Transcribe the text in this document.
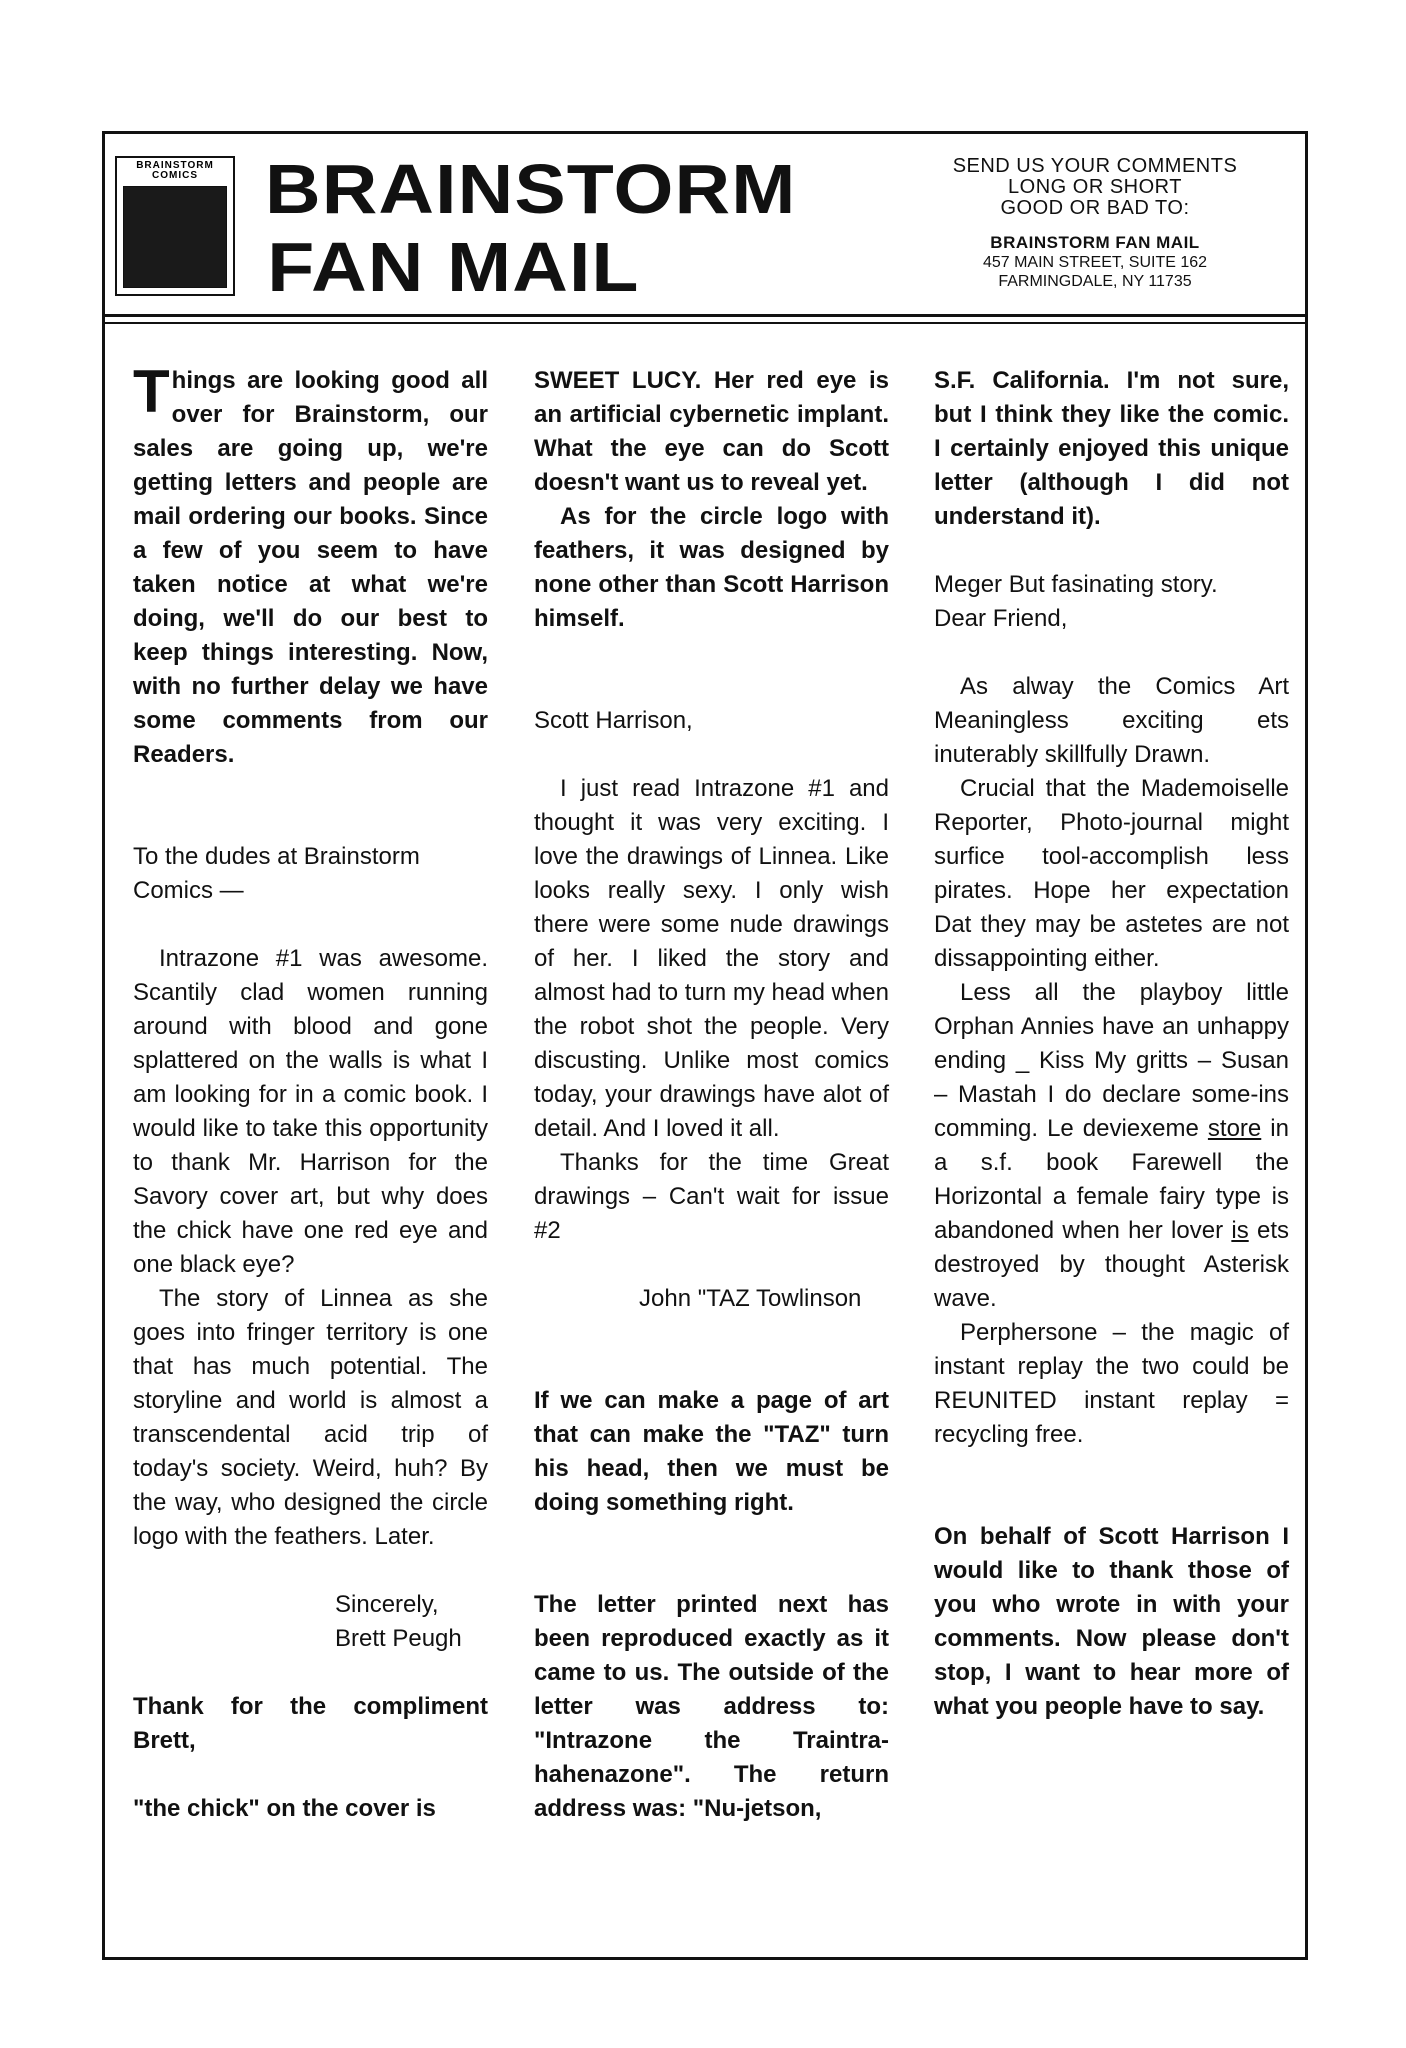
BRAINSTORM COMICS BRAINSTORM
FAN MAIL
SEND US YOUR COMMENTS
LONG OR SHORT
GOOD OR BAD TO:
BRAINSTORM FAN MAIL
457 MAIN STREET, SUITE 162
FARMINGDALE, NY 11735

Things are looking good all over for Brainstorm, our sales are going up, we're getting letters and people are mail ordering our books. Since a few of you seem to have taken notice at what we're doing, we'll do our best to keep things interesting. Now, with no further delay we have some comments from our Readers.

To the dudes at Brainstorm Comics —

Intrazone #1 was awesome. Scantily clad women running around with blood and gone splattered on the walls is what I am looking for in a comic book. I would like to take this opportunity to thank Mr. Harrison for the Savory cover art, but why does the chick have one red eye and one black eye?

The story of Linnea as she goes into fringer territory is one that has much potential. The storyline and world is almost a transcendental acid trip of today's society. Weird, huh? By the way, who designed the circle logo with the feathers. Later.

Sincerely,

Brett Peugh

Thank for the compliment Brett,

"the chick" on the cover is

SWEET LUCY. Her red eye is an artificial cybernetic implant. What the eye can do Scott doesn't want us to reveal yet.

As for the circle logo with feathers, it was designed by none other than Scott Harrison himself.

Scott Harrison,

I just read Intrazone #1 and thought it was very exciting. I love the drawings of Linnea. Like looks really sexy. I only wish there were some nude drawings of her. I liked the story and almost had to turn my head when the robot shot the people. Very discusting. Unlike most comics today, your drawings have alot of detail. And I loved it all.

Thanks for the time Great drawings – Can't wait for issue #2

John "TAZ Towlinson

If we can make a page of art that can make the "TAZ" turn his head, then we must be doing something right.

The letter printed next has been reproduced exactly as it came to us. The outside of the letter was address to: "Intrazone the Traintra-hahenazone". The return address was: "Nu-jetson,

S.F. California. I'm not sure, but I think they like the comic. I certainly enjoyed this unique letter (although I did not understand it).

Meger But fasinating story.

Dear Friend,

As alway the Comics Art Meaningless exciting ets inuterably skillfully Drawn.

Crucial that the Mademoiselle Reporter, Photo-journal might surfice tool-accomplish less pirates. Hope her expectation Dat they may be astetes are not dissappointing either.

Less all the playboy little Orphan Annies have an unhappy ending _ Kiss My gritts – Susan – Mastah I do declare some-ins comming. Le deviexeme store in a s.f. book Farewell the Horizontal a female fairy type is abandoned when her lover is ets destroyed by thought Asterisk wave.

Perphersone – the magic of instant replay the two could be REUNITED instant replay = recycling free.

On behalf of Scott Harrison I would like to thank those of you who wrote in with your comments. Now please don't stop, I want to hear more of what you people have to say.
